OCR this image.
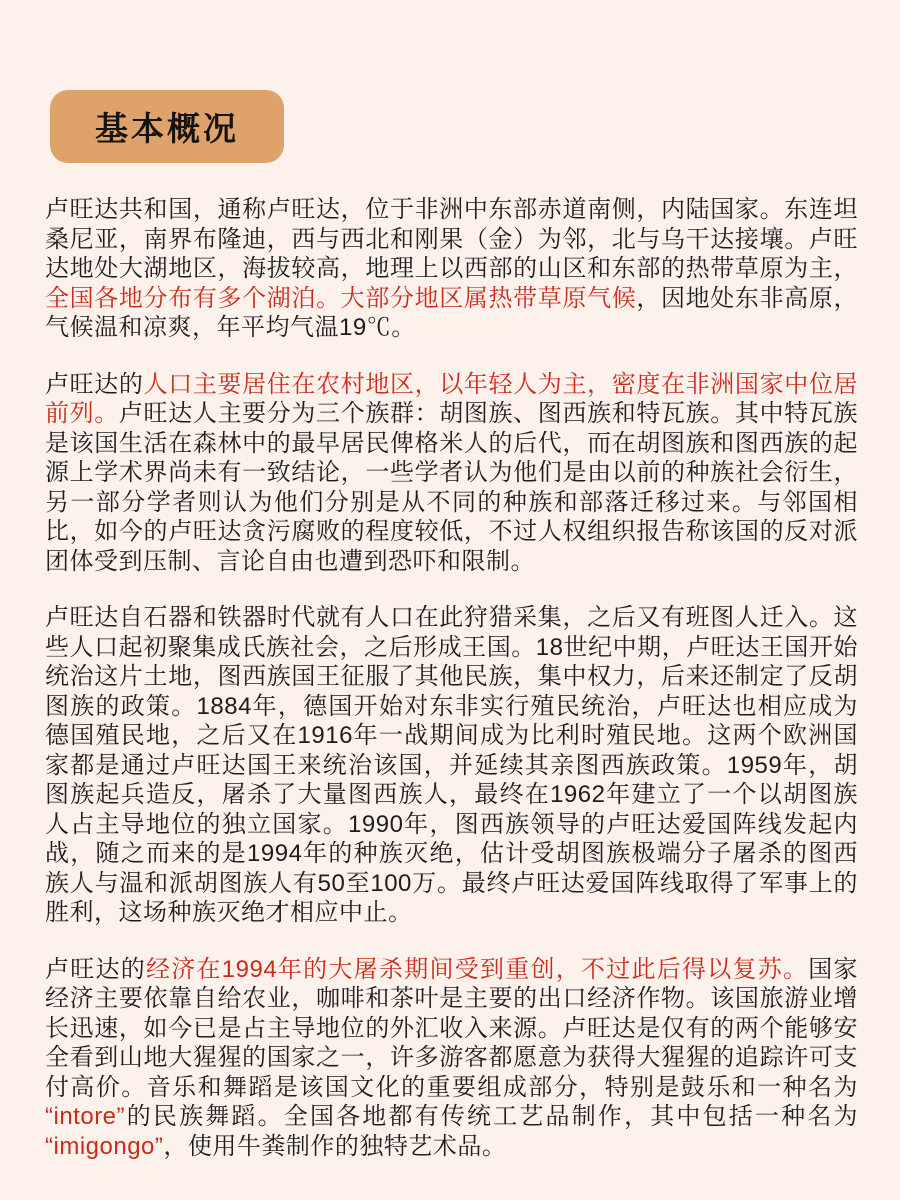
基本概况

卢旺达共和国，通称卢旺达，位于非洲中东部赤道南侧，内陆国家。东连坦桑尼亚，南界布隆迪，西与西北和刚果（金）为邻，北与乌干达接壤。卢旺达地处大湖地区，海拔较高，地理上以西部的山区和东部的热带草原为主，全国各地分布有多个湖泊。大部分地区属热带草原气候，因地处东非高原，气候温和凉爽，年平均气温19℃。

卢旺达的人口主要居住在农村地区，以年轻人为主，密度在非洲国家中位居前列。卢旺达人主要分为三个族群：胡图族、图西族和特瓦族。其中特瓦族是该国生活在森林中的最早居民俾格米人的后代，而在胡图族和图西族的起源上学术界尚未有一致结论，一些学者认为他们是由以前的种族社会衍生，另一部分学者则认为他们分别是从不同的种族和部落迁移过来。与邻国相比，如今的卢旺达贪污腐败的程度较低，不过人权组织报告称该国的反对派团体受到压制、言论自由也遭到恐吓和限制。

卢旺达自石器和铁器时代就有人口在此狩猎采集，之后又有班图人迁入。这些人口起初聚集成氏族社会，之后形成王国。18世纪中期，卢旺达王国开始统治这片土地，图西族国王征服了其他民族，集中权力，后来还制定了反胡图族的政策。1884年，德国开始对东非实行殖民统治，卢旺达也相应成为德国殖民地，之后又在1916年一战期间成为比利时殖民地。这两个欧洲国家都是通过卢旺达国王来统治该国，并延续其亲图西族政策。1959年，胡图族起兵造反，屠杀了大量图西族人，最终在1962年建立了一个以胡图族人占主导地位的独立国家。1990年，图西族领导的卢旺达爱国阵线发起内战，随之而来的是1994年的种族灭绝，估计受胡图族极端分子屠杀的图西族人与温和派胡图族人有50至100万。最终卢旺达爱国阵线取得了军事上的胜利，这场种族灭绝才相应中止。

卢旺达的经济在1994年的大屠杀期间受到重创，不过此后得以复苏。国家经济主要依靠自给农业，咖啡和茶叶是主要的出口经济作物。该国旅游业增长迅速，如今已是占主导地位的外汇收入来源。卢旺达是仅有的两个能够安全看到山地大猩猩的国家之一，许多游客都愿意为获得大猩猩的追踪许可支付高价。音乐和舞蹈是该国文化的重要组成部分，特别是鼓乐和一种名为“intore”的民族舞蹈。全国各地都有传统工艺品制作，其中包括一种名为“imigongo”，使用牛粪制作的独特艺术品。
